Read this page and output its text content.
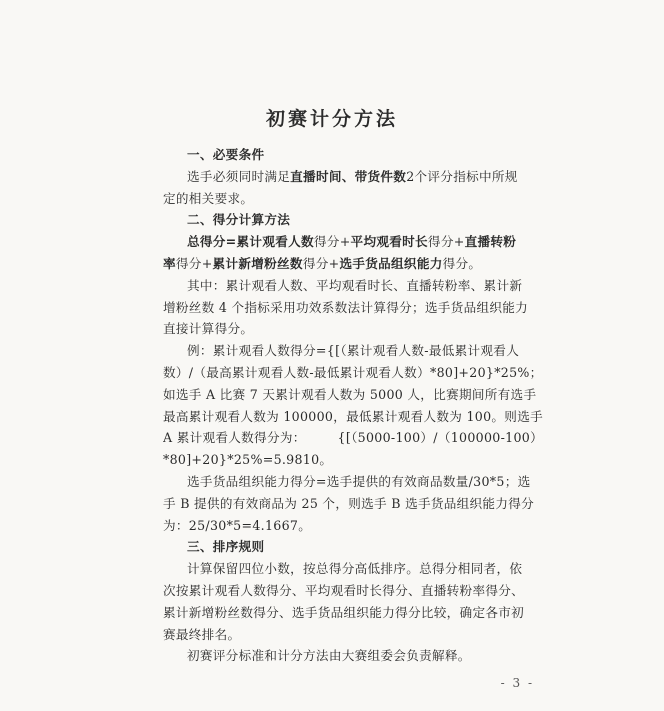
初赛计分方法
一、必要条件
选手必须同时满足直播时间、带货件数2个评分指标中所规
定的相关要求。
二、得分计算方法
总得分=累计观看人数得分+平均观看时长得分+直播转粉
率得分+累计新增粉丝数得分+选手货品组织能力得分。
其中：累计观看人数、平均观看时长、直播转粉率、累计新
增粉丝数 4 个指标采用功效系数法计算得分；选手货品组织能力
直接计算得分。
例：累计观看人数得分={[（累计观看人数-最低累计观看人
数）/（最高累计观看人数-最低累计观看人数）*80]+20}*25%；
如选手 A 比赛 7 天累计观看人数为 5000 人，比赛期间所有选手
最高累计观看人数为 100000，最低累计观看人数为 100。则选手
A 累计观看人数得分为：	{[（5000-100）/（100000-100）
*80]+20}*25%=5.9810。
选手货品组织能力得分=选手提供的有效商品数量/30*5；选
手 B 提供的有效商品为 25 个，则选手 B 选手货品组织能力得分
为：25/30*5=4.1667。
三、排序规则
计算保留四位小数，按总得分高低排序。总得分相同者，依
次按累计观看人数得分、平均观看时长得分、直播转粉率得分、
累计新增粉丝数得分、选手货品组织能力得分比较，确定各市初
赛最终排名。
初赛评分标准和计分方法由大赛组委会负责解释。
- 3 -
